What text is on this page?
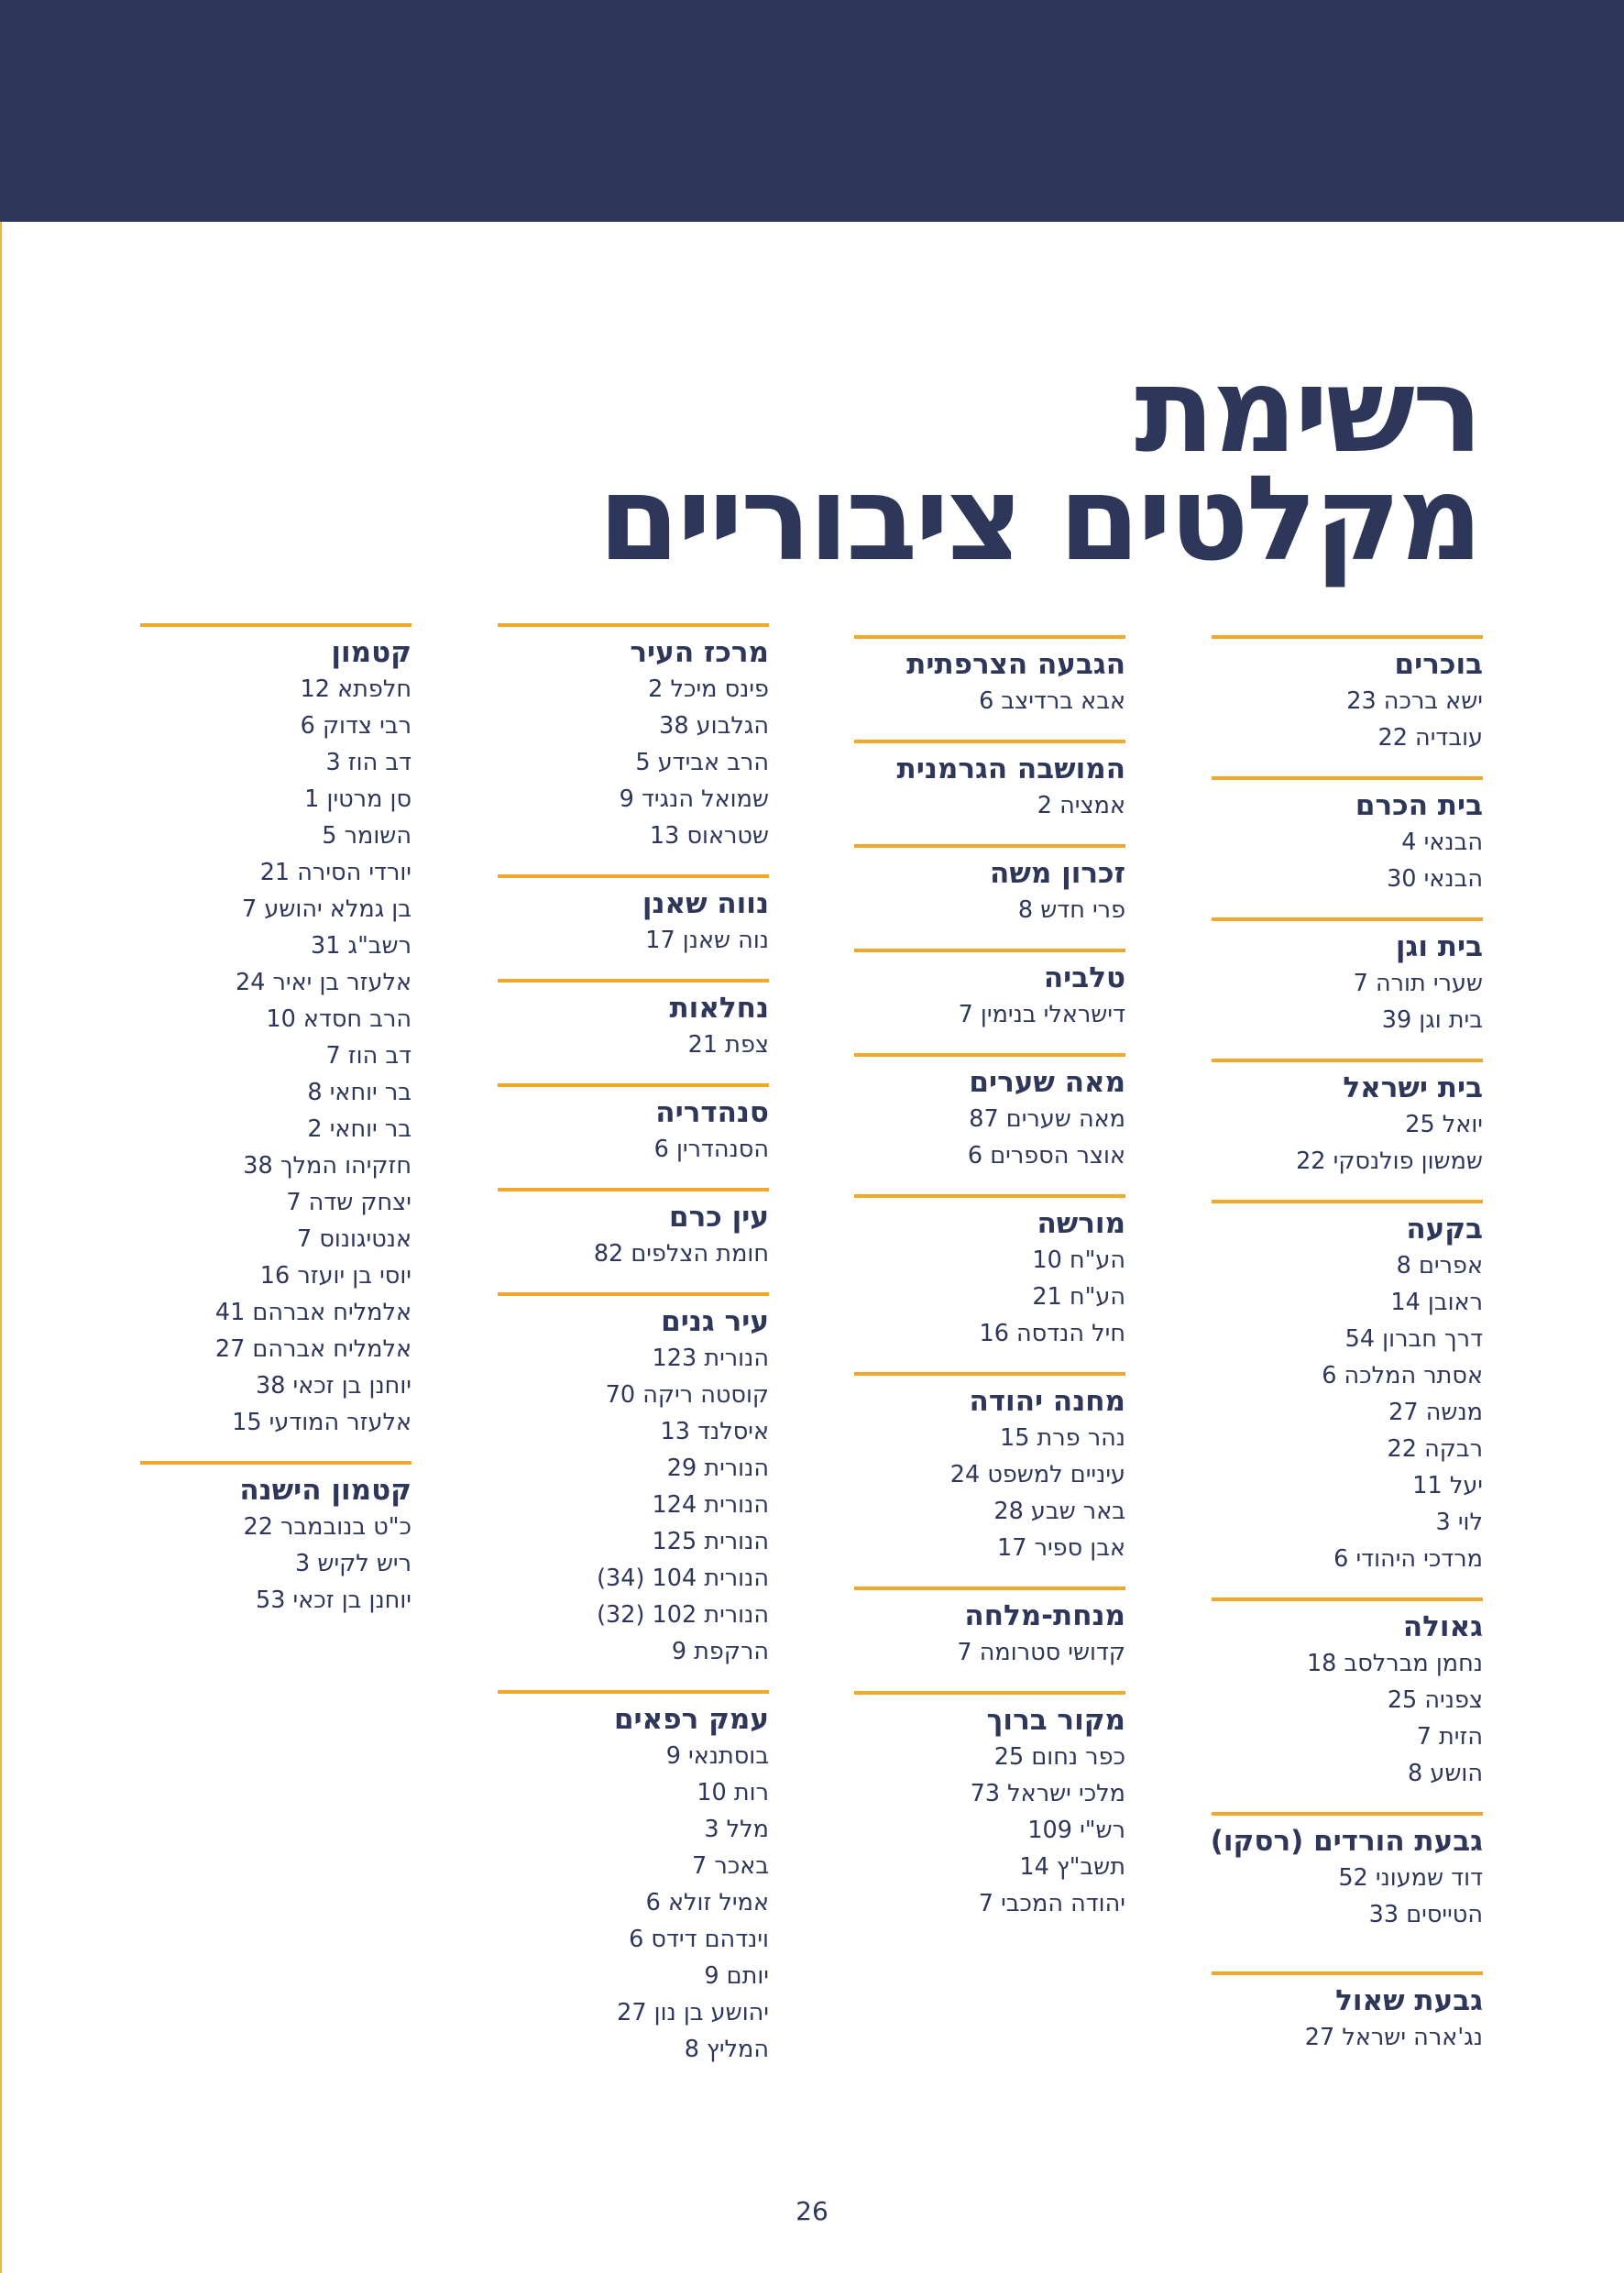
רשימת
מקלטים ציבוריים
בוכרים
ישא ברכה 23
עובדיה 22
בית הכרם
הבנאי 4
הבנאי 30
בית וגן
שערי תורה 7
בית וגן 39
בית ישראל
יואל 25
שמשון פולנסקי 22
בקעה
אפרים 8
ראובן 14
דרך חברון 54
אסתר המלכה 6
מנשה 27
רבקה 22
יעל 11
לוי 3
מרדכי היהודי 6
גאולה
נחמן מברלסב 18
צפניה 25
הזית 7
הושע 8
גבעת הורדים (רסקו)
דוד שמעוני 52
הטייסים 33
גבעת שאול
נג'ארה ישראל 27
הגבעה הצרפתית
אבא ברדיצב 6
המושבה הגרמנית
אמציה 2
זכרון משה
פרי חדש 8
טלביה
דישראלי בנימין 7
מאה שערים
מאה שערים 87
אוצר הספרים 6
מורשה
הע"ח 10
הע"ח 21
חיל הנדסה 16
מחנה יהודה
נהר פרת 15
עיניים למשפט 24
באר שבע 28
אבן ספיר 17
מנחת-מלחה
קדושי סטרומה 7
מקור ברוך
כפר נחום 25
מלכי ישראל 73
רש"י 109
תשב"ץ 14
יהודה המכבי 7
מרכז העיר
פינס מיכל 2
הגלבוע 38
הרב אבידע 5
שמואל הנגיד 9
שטראוס 13
נווה שאנן
נוה שאנן 17
נחלאות
צפת 21
סנהדריה
הסנהדרין 6
עין כרם
חומת הצלפים 82
עיר גנים
הנורית 123
קוסטה ריקה 70
איסלנד 13
הנורית 29
הנורית 124
הנורית 125
הנורית 104 (34)
הנורית 102 (32)
הרקפת 9
עמק רפאים
בוסתנאי 9
רות 10
מלל 3
באכר 7
אמיל זולא 6
וינדהם דידס 6
יותם 9
יהושע בן נון 27
המליץ 8
קטמון
חלפתא 12
רבי צדוק 6
דב הוז 3
סן מרטין 1
השומר 5
יורדי הסירה 21
בן גמלא יהושע 7
רשב"ג 31
אלעזר בן יאיר 24
הרב חסדא 10
דב הוז 7
בר יוחאי 8
בר יוחאי 2
חזקיהו המלך 38
יצחק שדה 7
אנטיגונוס 7
יוסי בן יועזר 16
אלמליח אברהם 41
אלמליח אברהם 27
יוחנן בן זכאי 38
אלעזר המודעי 15
קטמון הישנה
כ"ט בנובמבר 22
ריש לקיש 3
יוחנן בן זכאי 53
26
